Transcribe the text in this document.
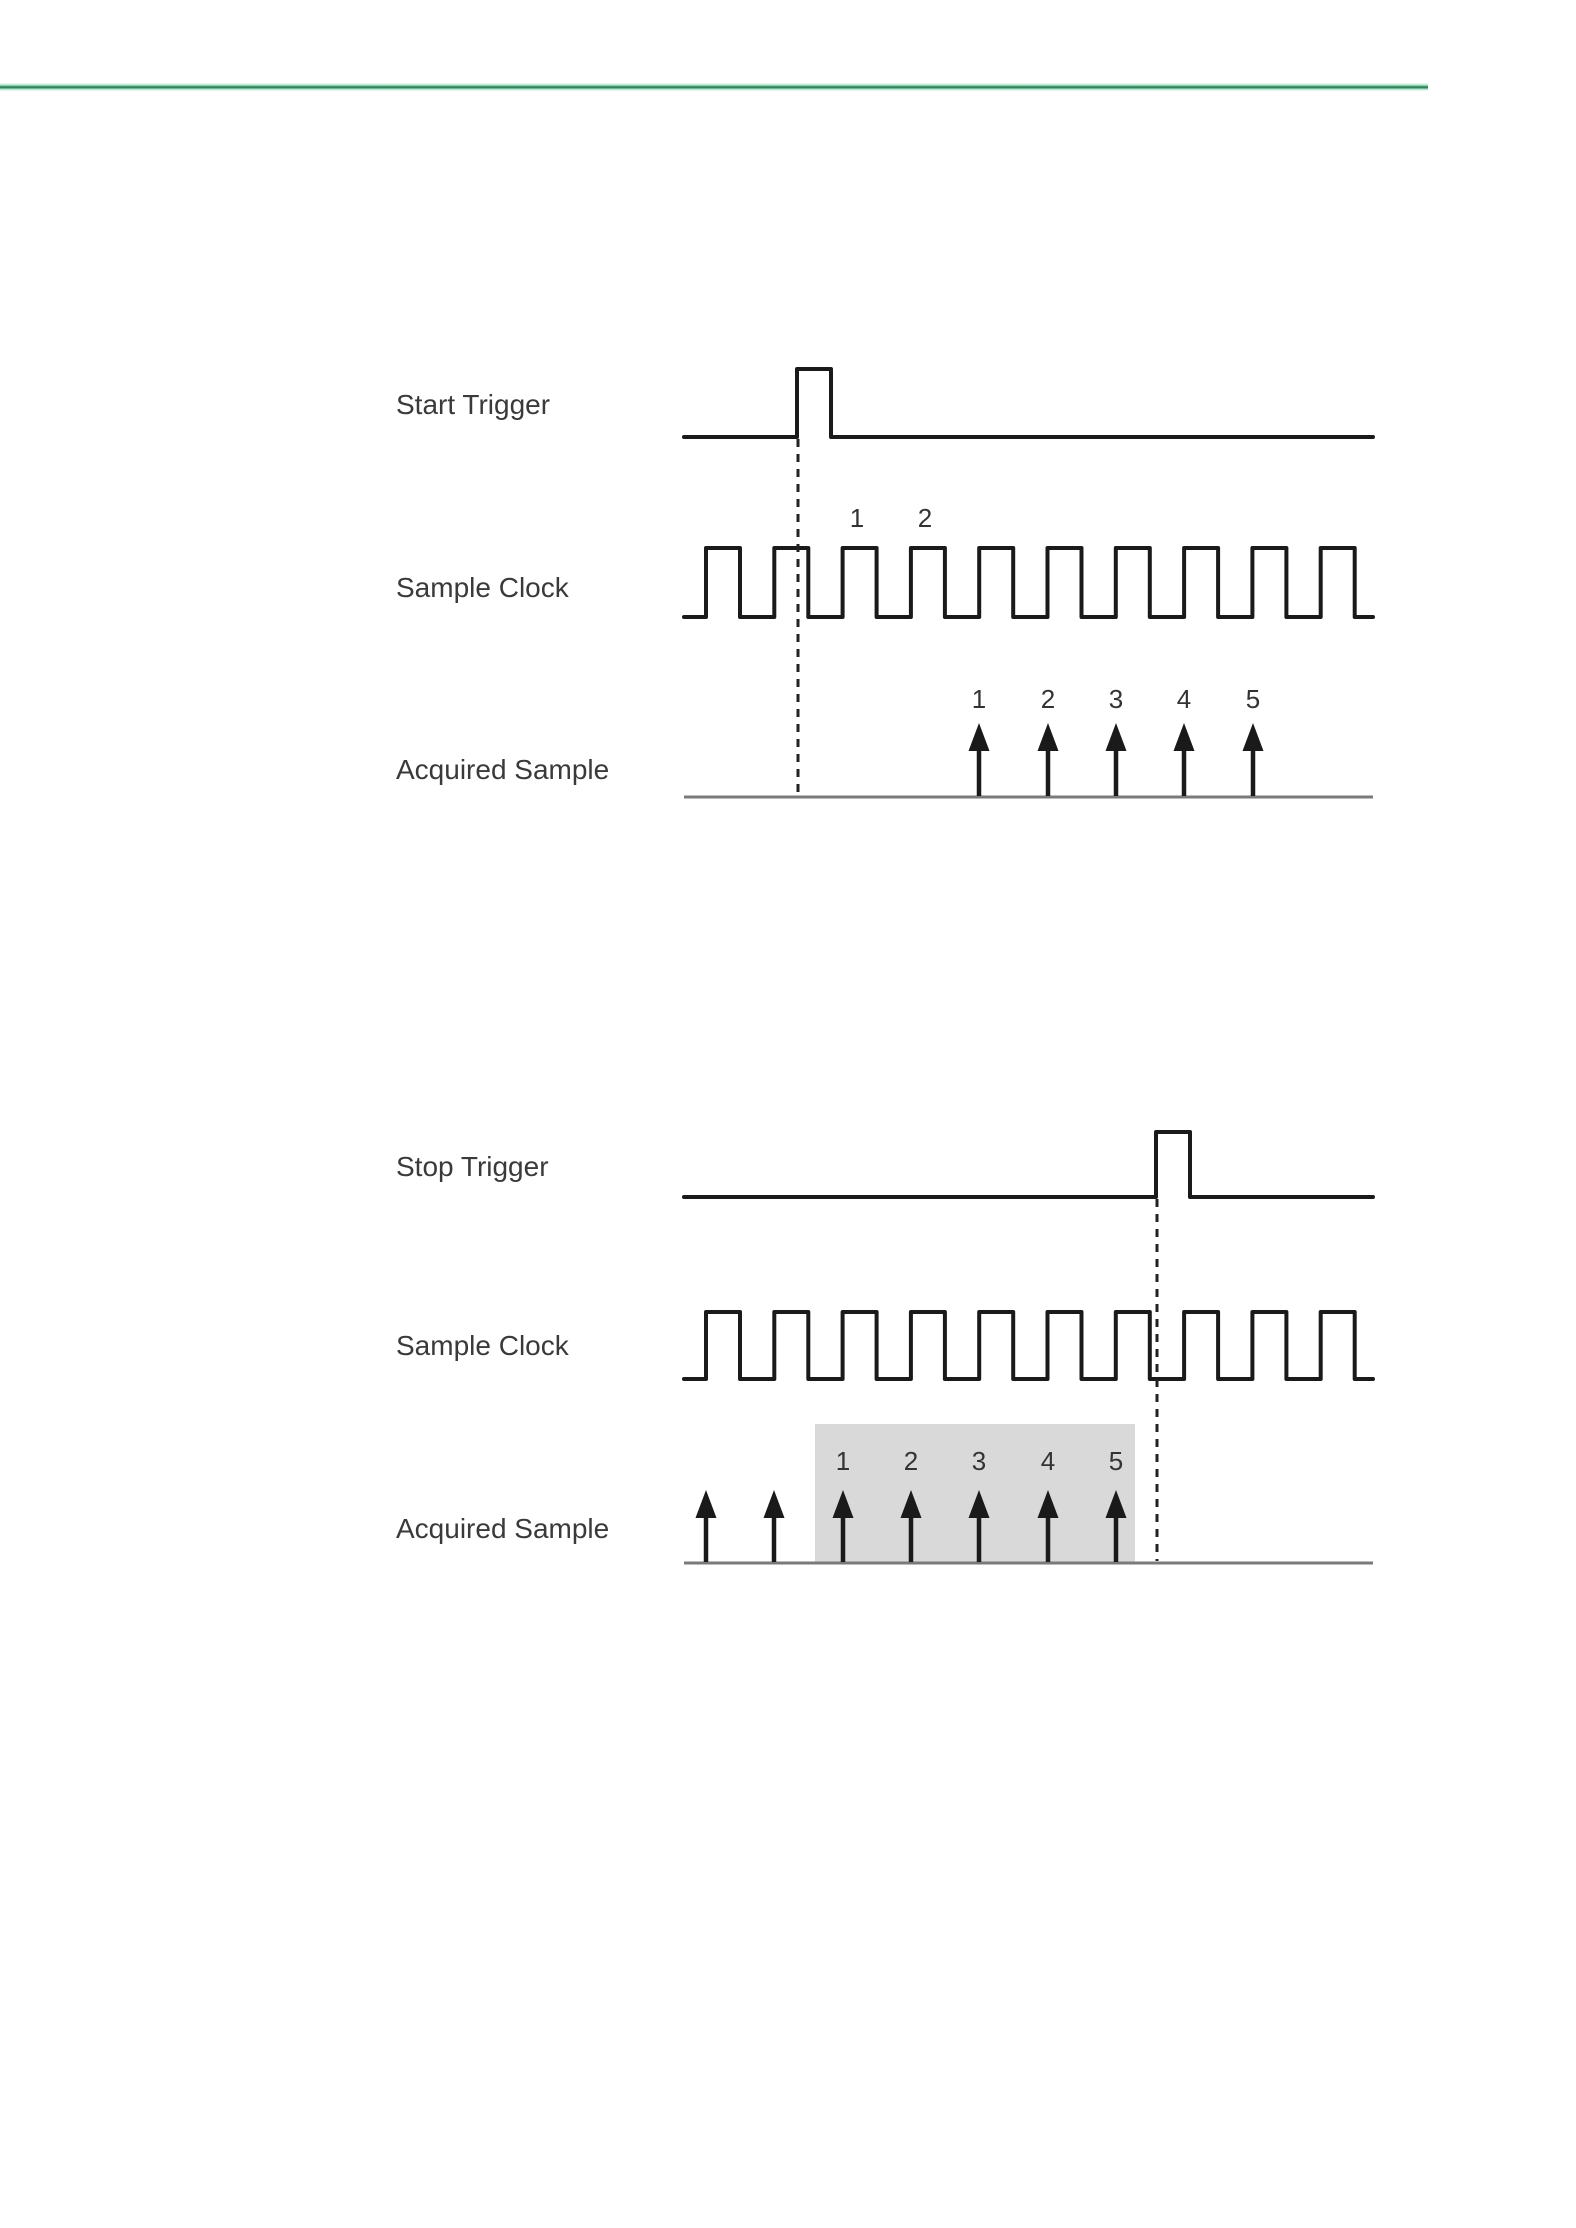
1 2
1 2 3 4 5
1 2 3 4 5
Start Trigger
Sample Clock
Acquired Sample
Stop Trigger
Sample Clock
Acquired Sample
